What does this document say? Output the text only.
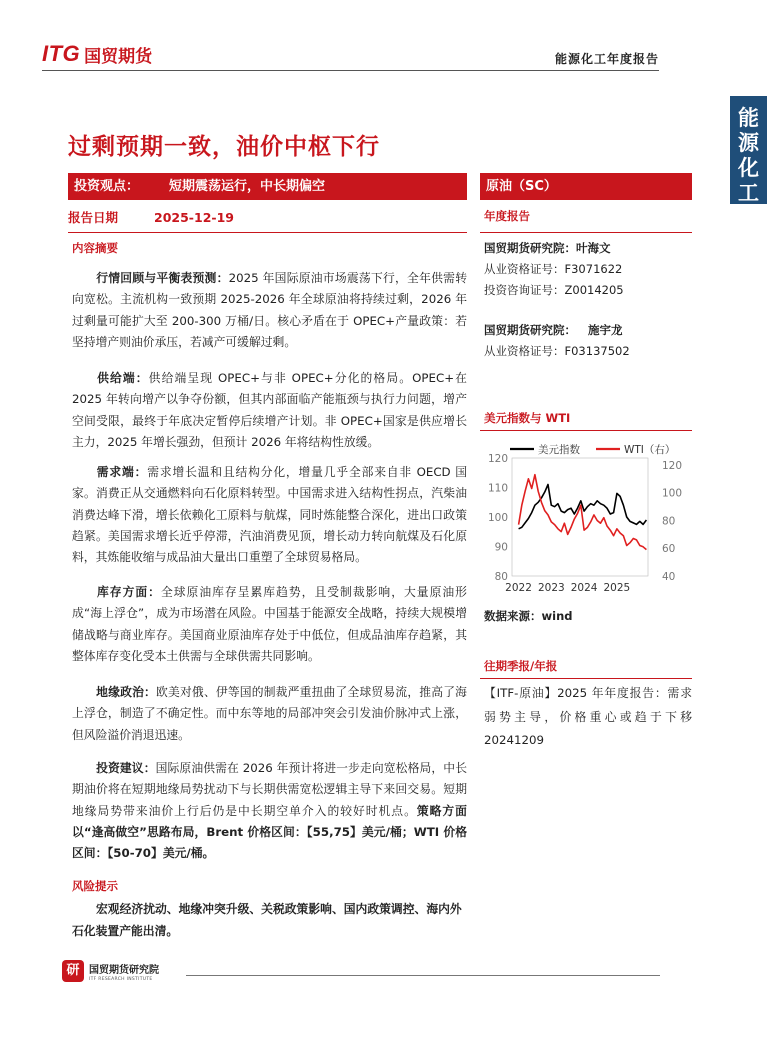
ITG 国贸期货	能源化工年度报告
能
源
化
工
过剩预期一致，油价中枢下行
投资观点： 短期震荡运行，中长期偏空	原油（SC）
报告日期	2025-12-19	年度报告
内容摘要
行情回顾与平衡表预测：2025 年国际原油市场震荡下行，全年供需转向宽松。主流机构一致预期 2025-2026 年全球原油将持续过剩，2026 年过剩量可能扩大至 200-300 万桶/日。核心矛盾在于 OPEC+产量政策：若坚持增产则油价承压，若减产可缓解过剩。
供给端：供给端呈现 OPEC+与非 OPEC+分化的格局。OPEC+在 2025 年转向增产以争夺份额，但其内部面临产能瓶颈与执行力问题，增产空间受限，最终于年底决定暂停后续增产计划。非 OPEC+国家是供应增长主力，2025 年增长强劲，但预计 2026 年将结构性放缓。
需求端：需求增长温和且结构分化，增量几乎全部来自非 OECD 国家。消费正从交通燃料向石化原料转型。中国需求进入结构性拐点，汽柴油消费达峰下滑，增长依赖化工原料与航煤，同时炼能整合深化，进出口政策趋紧。美国需求增长近乎停滞，汽油消费见顶，增长动力转向航煤及石化原料，其炼能收缩与成品油大量出口重塑了全球贸易格局。
库存方面：全球原油库存呈累库趋势，且受制裁影响，大量原油形成“海上浮仓”，成为市场潜在风险。中国基于能源安全战略，持续大规模增储战略与商业库存。美国商业原油库存处于中低位，但成品油库存趋紧，其整体库存变化受本土供需与全球供需共同影响。
地缘政治：欧美对俄、伊等国的制裁严重扭曲了全球贸易流，推高了海上浮仓，制造了不确定性。而中东等地的局部冲突会引发油价脉冲式上涨，但风险溢价消退迅速。
投资建议：国际原油供需在 2026 年预计将进一步走向宽松格局，中长期油价将在短期地缘局势扰动下与长期供需宽松逻辑主导下来回交易。短期地缘局势带来油价上行后仍是中长期空单介入的较好时机点。策略方面以“逢高做空”思路布局，Brent 价格区间：【55,75】美元/桶；WTI 价格区间：【50-70】美元/桶。
风险提示
宏观经济扰动、地缘冲突升级、关税政策影响、国内政策调控、海内外石化装置产能出清。
国贸期货研究院：叶海文
从业资格证号：F3071622
投资咨询证号：Z0014205
国贸期货研究院： 施宇龙
从业资格证号：F03137502
美元指数与 WTI
80
90
100
110
120
40
60
80
100
120
2022 2023 2024 2025
美元指数	WTI（右）
数据来源：wind
往期季报/年报
【ITF-原油】2025 年年度报告：需求弱势主导，价格重心或趋于下移 20241209
研 国贸期货研究院
ITF RESEARCH INSTITUTE
